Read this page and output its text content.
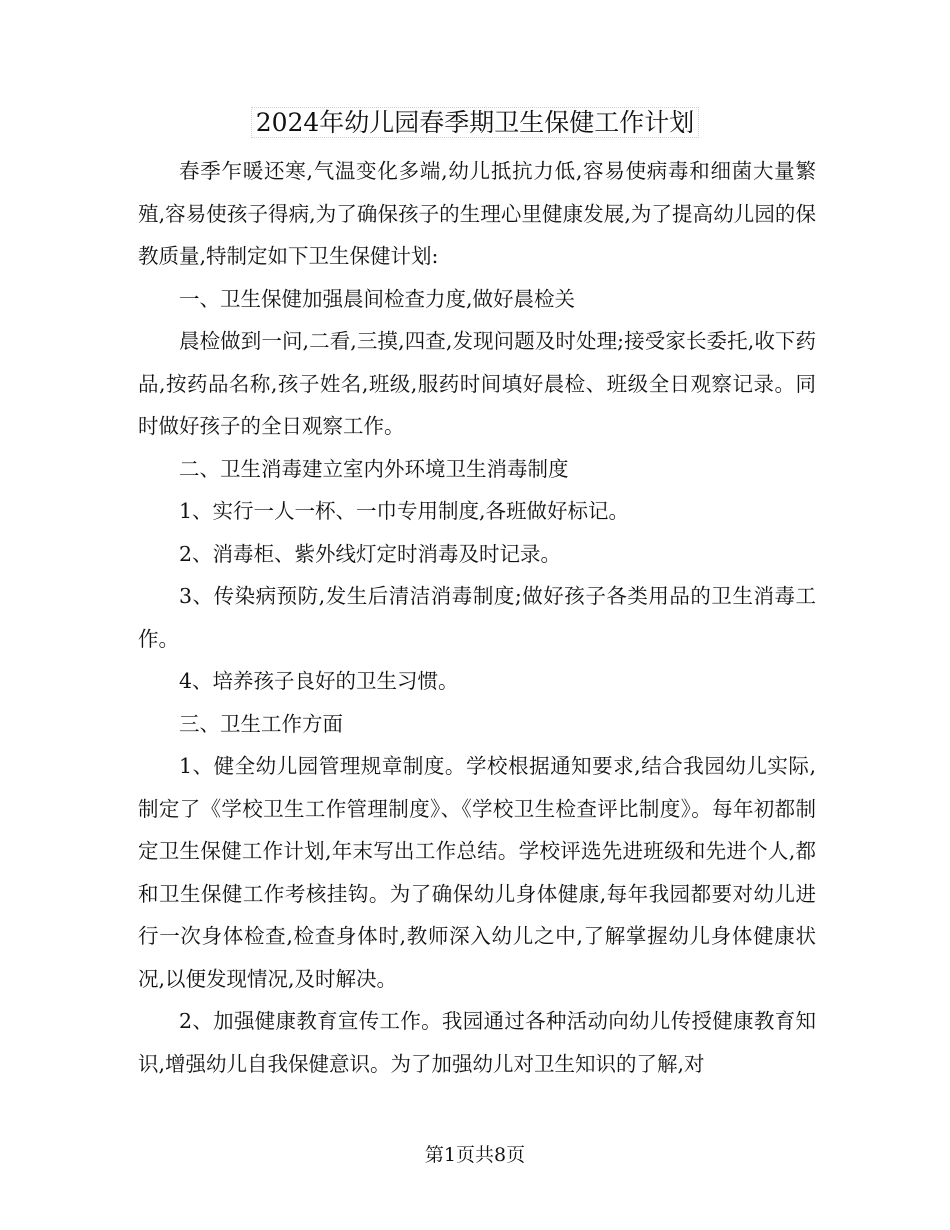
2024年幼儿园春季期卫生保健工作计划

春季乍暖还寒,气温变化多端,幼儿抵抗力低,容易使病毒和细菌大量繁殖,容易使孩子得病,为了确保孩子的生理心里健康发展,为了提高幼儿园的保教质量,特制定如下卫生保健计划:

一、卫生保健加强晨间检查力度,做好晨检关

晨检做到一问,二看,三摸,四查,发现问题及时处理;接受家长委托,收下药品,按药品名称,孩子姓名,班级,服药时间填好晨检、班级全日观察记录。同时做好孩子的全日观察工作。

二、卫生消毒建立室内外环境卫生消毒制度

1、实行一人一杯、一巾专用制度,各班做好标记。

2、消毒柜、紫外线灯定时消毒及时记录。

3、传染病预防,发生后清洁消毒制度;做好孩子各类用品的卫生消毒工作。

4、培养孩子良好的卫生习惯。

三、卫生工作方面

1、健全幼儿园管理规章制度。学校根据通知要求,结合我园幼儿实际,制定了《学校卫生工作管理制度》、《学校卫生检查评比制度》。每年初都制定卫生保健工作计划,年末写出工作总结。学校评选先进班级和先进个人,都和卫生保健工作考核挂钩。为了确保幼儿身体健康,每年我园都要对幼儿进行一次身体检查,检查身体时,教师深入幼儿之中,了解掌握幼儿身体健康状况,以便发现情况,及时解决。

2、加强健康教育宣传工作。我园通过各种活动向幼儿传授健康教育知识,增强幼儿自我保健意识。为了加强幼儿对卫生知识的了解,对

第1页共8页
